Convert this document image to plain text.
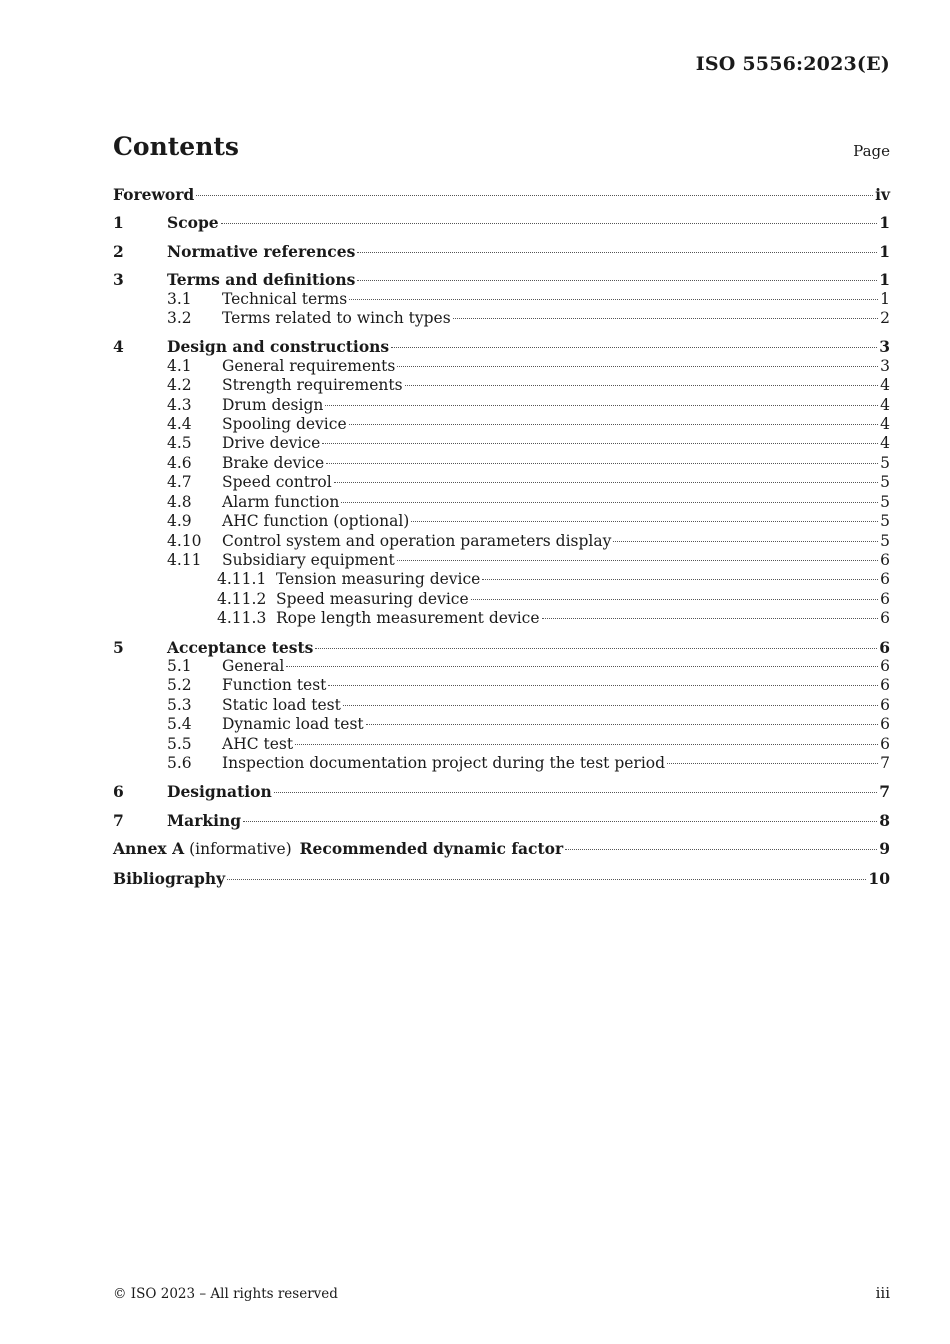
ISO 5556:2023(E)
Contents	Page
Foreword	iv
1	Scope	1
2	Normative references	1
3	Terms and definitions	1
3.1	Technical terms	1
3.2	Terms related to winch types	2
4	Design and constructions	3
4.1	General requirements	3
4.2	Strength requirements	4
4.3	Drum design	4
4.4	Spooling device	4
4.5	Drive device	4
4.6	Brake device	5
4.7	Speed control	5
4.8	Alarm function	5
4.9	AHC function (optional)	5
4.10	Control system and operation parameters display	5
4.11	Subsidiary equipment	6
4.11.1 Tension measuring device	6
4.11.2 Speed measuring device	6
4.11.3 Rope length measurement device	6
5	Acceptance tests	6
5.1	General	6
5.2	Function test	6
5.3	Static load test	6
5.4	Dynamic load test	6
5.5	AHC test	6
5.6	Inspection documentation project during the test period	7
6	Designation	7
7	Marking	8
Annex A (informative) Recommended dynamic factor	9
Bibliography	10
© ISO 2023 – All rights reserved	iii
